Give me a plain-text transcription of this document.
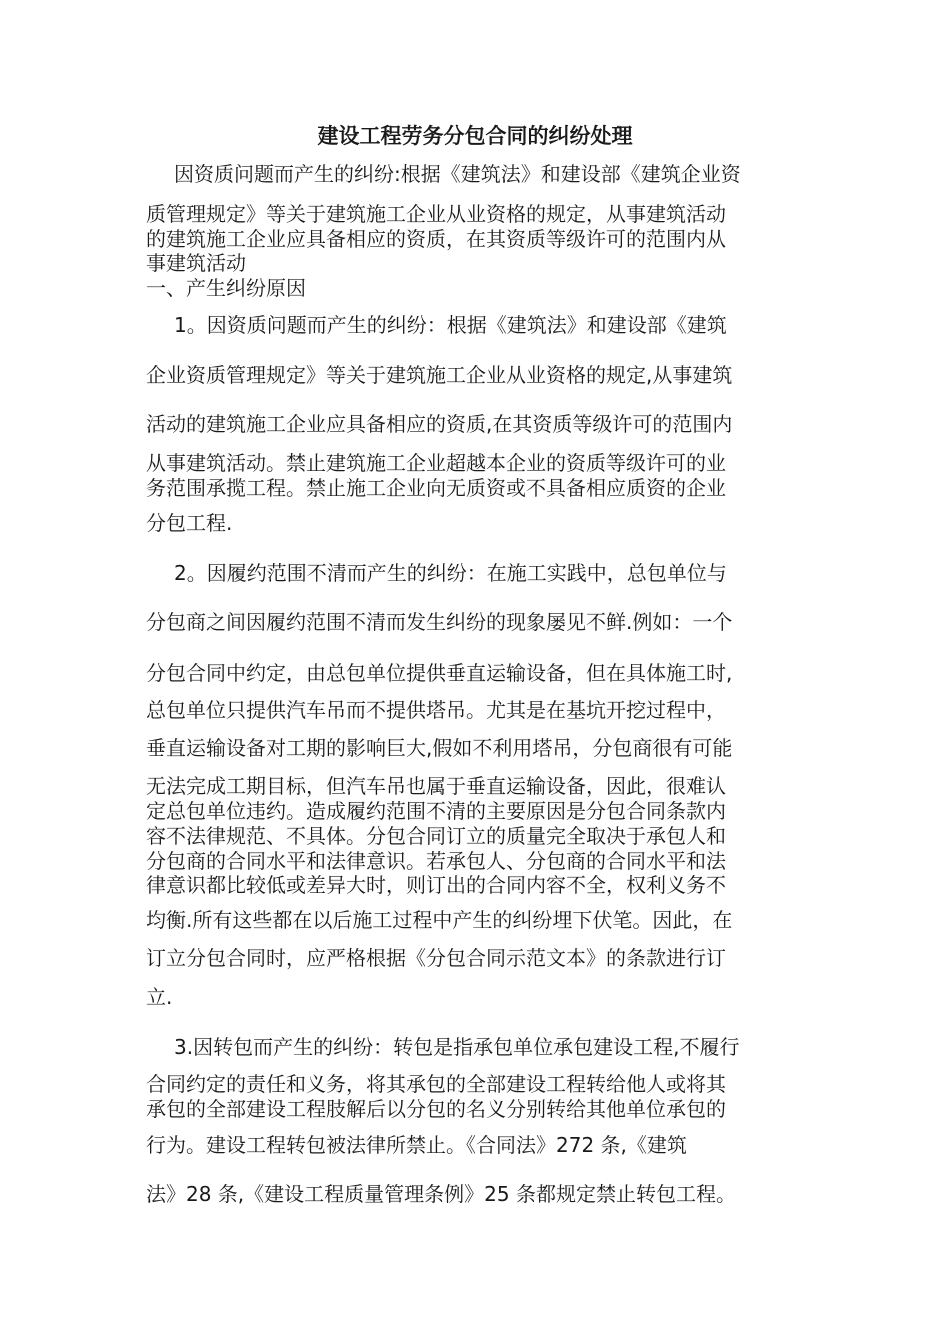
建设工程劳务分包合同的纠纷处理

因资质问题而产生的纠纷:根据《建筑法》和建设部《建筑企业资

质管理规定》等关于建筑施工企业从业资格的规定，从事建筑活动

的建筑施工企业应具备相应的资质，在其资质等级许可的范围内从

事建筑活动

一、产生纠纷原因

1。因资质问题而产生的纠纷：根据《建筑法》和建设部《建筑

企业资质管理规定》等关于建筑施工企业从业资格的规定,从事建筑

活动的建筑施工企业应具备相应的资质,在其资质等级许可的范围内

从事建筑活动。禁止建筑施工企业超越本企业的资质等级许可的业

务范围承揽工程。禁止施工企业向无质资或不具备相应质资的企业

分包工程.

2。因履约范围不清而产生的纠纷：在施工实践中，总包单位与

分包商之间因履约范围不清而发生纠纷的现象屡见不鲜.例如：一个

分包合同中约定，由总包单位提供垂直运输设备，但在具体施工时,

总包单位只提供汽车吊而不提供塔吊。尤其是在基坑开挖过程中，

垂直运输设备对工期的影响巨大,假如不利用塔吊，分包商很有可能

无法完成工期目标，但汽车吊也属于垂直运输设备，因此，很难认

定总包单位违约。造成履约范围不清的主要原因是分包合同条款内

容不法律规范、不具体。分包合同订立的质量完全取决于承包人和

分包商的合同水平和法律意识。若承包人、分包商的合同水平和法

律意识都比较低或差异大时，则订出的合同内容不全，权利义务不

均衡.所有这些都在以后施工过程中产生的纠纷埋下伏笔。因此，在

订立分包合同时，应严格根据《分包合同示范文本》的条款进行订

立.

3.因转包而产生的纠纷：转包是指承包单位承包建设工程,不履行

合同约定的责任和义务，将其承包的全部建设工程转给他人或将其

承包的全部建设工程肢解后以分包的名义分别转给其他单位承包的

行为。建设工程转包被法律所禁止。《合同法》272 条,《建筑

法》28 条,《建设工程质量管理条例》25 条都规定禁止转包工程。
